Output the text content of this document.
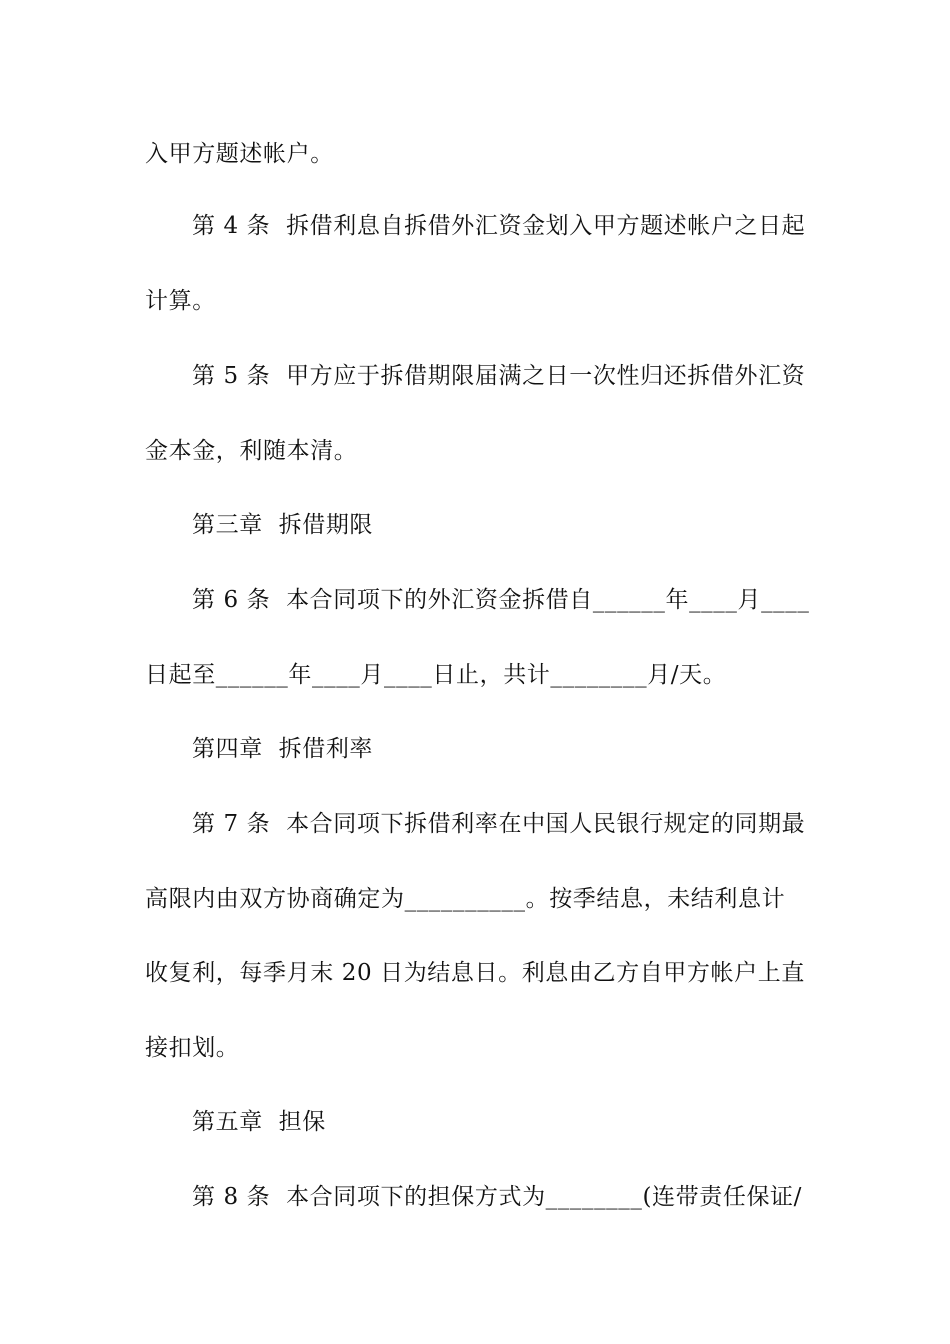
入甲方题述帐户。
第 4 条  拆借利息自拆借外汇资金划入甲方题述帐户之日起
计算。
第 5 条  甲方应于拆借期限届满之日一次性归还拆借外汇资
金本金，利随本清。
第三章  拆借期限
第 6 条  本合同项下的外汇资金拆借自______年____月____
日起至______年____月____日止，共计________月/天。
第四章  拆借利率
第 7 条  本合同项下拆借利率在中国人民银行规定的同期最
高限内由双方协商确定为__________。按季结息，未结利息计
收复利，每季月末 20 日为结息日。利息由乙方自甲方帐户上直
接扣划。
第五章  担保
第 8 条  本合同项下的担保方式为________(连带责任保证/
